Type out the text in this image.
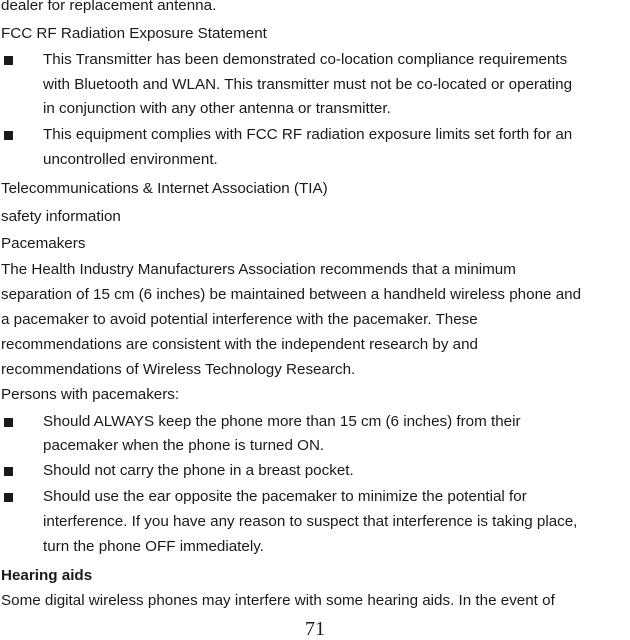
dealer for replacement antenna.
FCC RF Radiation Exposure Statement
This Transmitter has been demonstrated co-location compliance requirements
with Bluetooth and WLAN. This transmitter must not be co-located or operating
in conjunction with any other antenna or transmitter.
This equipment complies with FCC RF radiation exposure limits set forth for an
uncontrolled environment.
Telecommunications & Internet Association (TIA)
safety information
Pacemakers
The Health Industry Manufacturers Association recommends that a minimum
separation of 15 cm (6 inches) be maintained between a handheld wireless phone and
a pacemaker to avoid potential interference with the pacemaker. These
recommendations are consistent with the independent research by and
recommendations of Wireless Technology Research.
Persons with pacemakers:
Should ALWAYS keep the phone more than 15 cm (6 inches) from their
pacemaker when the phone is turned ON.
Should not carry the phone in a breast pocket.
Should use the ear opposite the pacemaker to minimize the potential for
interference. If you have any reason to suspect that interference is taking place,
turn the phone OFF immediately.
Hearing aids
Some digital wireless phones may interfere with some hearing aids. In the event of
71
